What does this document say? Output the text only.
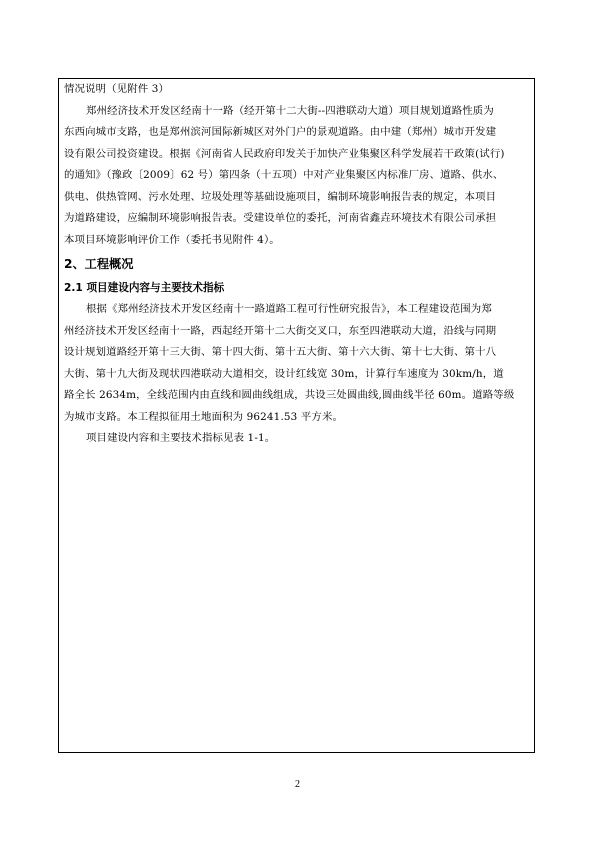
情况说明（见附件 3）
郑州经济技术开发区经南十一路（经开第十二大街--四港联动大道）项目规划道路性质为
东西向城市支路，也是郑州滨河国际新城区对外门户的景观道路。由中建（郑州）城市开发建
设有限公司投资建设。根据《河南省人民政府印发关于加快产业集聚区科学发展若干政策(试行)
的通知》（豫政〔2009〕62 号）第四条（十五项）中对产业集聚区内标准厂房、道路、供水、
供电、供热管网、污水处理、垃圾处理等基础设施项目，编制环境影响报告表的规定，本项目
为道路建设，应编制环境影响报告表。受建设单位的委托，河南省鑫垚环境技术有限公司承担
本项目环境影响评价工作（委托书见附件 4）。
2、工程概况
2.1 项目建设内容与主要技术指标
根据《郑州经济技术开发区经南十一路道路工程可行性研究报告》，本工程建设范围为郑
州经济技术开发区经南十一路，西起经开第十二大街交叉口，东至四港联动大道，沿线与同期
设计规划道路经开第十三大街、第十四大街、第十五大街、第十六大街、第十七大街、第十八
大街、第十九大街及现状四港联动大道相交，设计红线宽 30m，计算行车速度为 30km/h，道
路全长 2634m，全线范围内由直线和圆曲线组成，共设三处圆曲线,圆曲线半径 60m。道路等级
为城市支路。本工程拟征用土地面积为 96241.53 平方米。
项目建设内容和主要技术指标见表 1-1。
2
